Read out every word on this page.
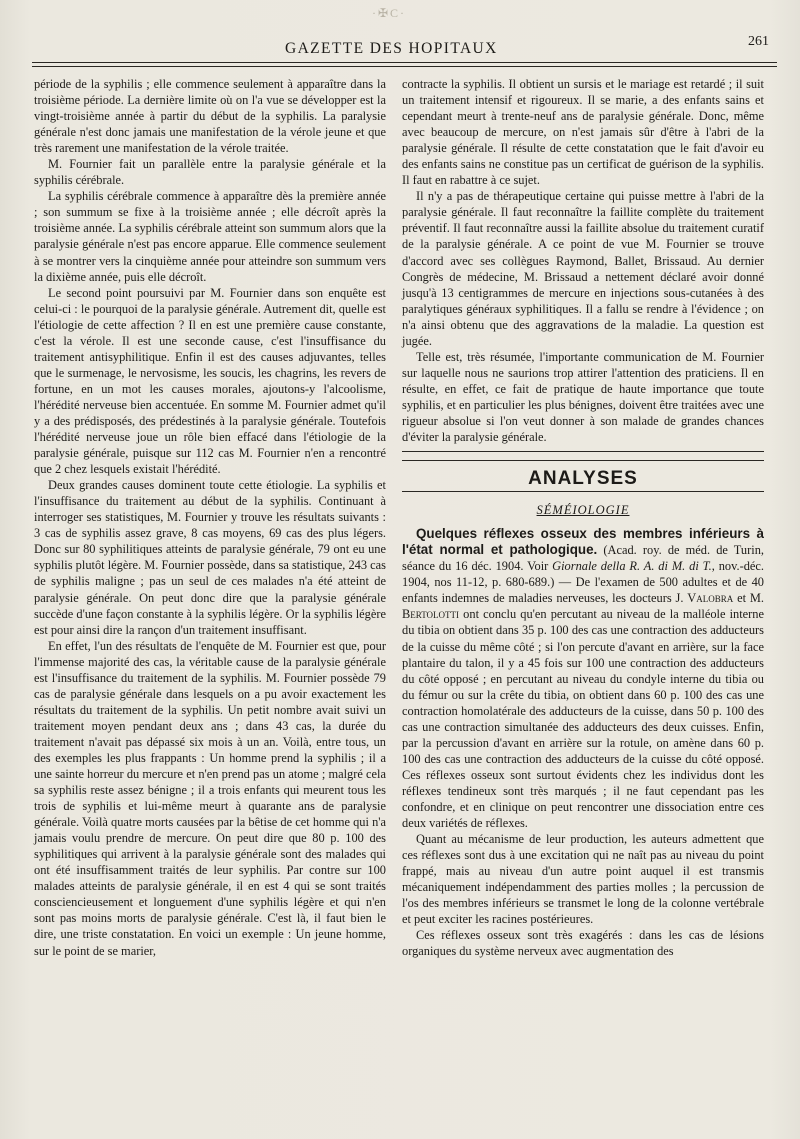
·✠C·
GAZETTE DES HOPITAUX	261

période de la syphilis ; elle commence seulement à apparaître dans la troisième période. La dernière limite où on l'a vue se développer est la vingt-troisième année à partir du début de la syphilis. La paralysie générale n'est donc jamais une manifestation de la vérole jeune et que très rarement une manifestation de la vérole traitée.

M. Fournier fait un parallèle entre la paralysie générale et la syphilis cérébrale.

La syphilis cérébrale commence à apparaître dès la première année ; son summum se fixe à la troisième année ; elle décroît après la troisième année. La syphilis cérébrale atteint son summum alors que la paralysie générale n'est pas encore apparue. Elle commence seulement à se montrer vers la cinquième année pour atteindre son summum vers la dixième année, puis elle décroît.

Le second point poursuivi par M. Fournier dans son enquête est celui-ci : le pourquoi de la paralysie générale. Autrement dit, quelle est l'étiologie de cette affection ? Il en est une première cause constante, c'est la vérole. Il est une seconde cause, c'est l'insuffisance du traitement antisyphilitique. Enfin il est des causes adjuvantes, telles que le surmenage, le nervosisme, les soucis, les chagrins, les revers de fortune, en un mot les causes morales, ajoutons-y l'alcoolisme, l'hérédité nerveuse bien accentuée. En somme M. Fournier admet qu'il y a des prédisposés, des prédestinés à la paralysie générale. Toutefois l'hérédité nerveuse joue un rôle bien effacé dans l'étiologie de la paralysie générale, puisque sur 112 cas M. Fournier n'en a rencontré que 2 chez lesquels existait l'hérédité.

Deux grandes causes dominent toute cette étiologie. La syphilis et l'insuffisance du traitement au début de la syphilis. Continuant à interroger ses statistiques, M. Fournier y trouve les résultats suivants : 3 cas de syphilis assez grave, 8 cas moyens, 69 cas des plus légers. Donc sur 80 syphilitiques atteints de paralysie générale, 79 ont eu une syphilis plutôt légère. M. Fournier possède, dans sa statistique, 243 cas de syphilis maligne ; pas un seul de ces malades n'a été atteint de paralysie générale. On peut donc dire que la paralysie générale succède d'une façon constante à la syphilis légère. Or la syphilis légère est pour ainsi dire la rançon d'un traitement insuffisant.

En effet, l'un des résultats de l'enquête de M. Fournier est que, pour l'immense majorité des cas, la véritable cause de la paralysie générale est l'insuffisance du traitement de la syphilis. M. Fournier possède 79 cas de paralysie générale dans lesquels on a pu avoir exactement les résultats du traitement de la syphilis. Un petit nombre avait suivi un traitement moyen pendant deux ans ; dans 43 cas, la durée du traitement n'avait pas dépassé six mois à un an. Voilà, entre tous, un des exemples les plus frappants : Un homme prend la syphilis ; il a une sainte horreur du mercure et n'en prend pas un atome ; malgré cela sa syphilis reste assez bénigne ; il a trois enfants qui meurent tous les trois de syphilis et lui-même meurt à quarante ans de paralysie générale. Voilà quatre morts causées par la bêtise de cet homme qui n'a jamais voulu prendre de mercure. On peut dire que 80 p. 100 des syphilitiques qui arrivent à la paralysie générale sont des malades qui ont été insuffisamment traités de leur syphilis. Par contre sur 100 malades atteints de paralysie générale, il en est 4 qui se sont traités consciencieusement et longuement d'une syphilis légère et qui n'en sont pas moins morts de paralysie générale. C'est là, il faut bien le dire, une triste constatation. En voici un exemple : Un jeune homme, sur le point de se marier,

contracte la syphilis. Il obtient un sursis et le mariage est retardé ; il suit un traitement intensif et rigoureux. Il se marie, a des enfants sains et cependant meurt à trente-neuf ans de paralysie générale. Donc, même avec beaucoup de mercure, on n'est jamais sûr d'être à l'abri de la paralysie générale. Il résulte de cette constatation que le fait d'avoir eu des enfants sains ne constitue pas un certificat de guérison de la syphilis. Il faut en rabattre à ce sujet.

Il n'y a pas de thérapeutique certaine qui puisse mettre à l'abri de la paralysie générale. Il faut reconnaître la faillite complète du traitement préventif. Il faut reconnaître aussi la faillite absolue du traitement curatif de la paralysie générale. A ce point de vue M. Fournier se trouve d'accord avec ses collègues Raymond, Ballet, Brissaud. Au dernier Congrès de médecine, M. Brissaud a nettement déclaré avoir donné jusqu'à 13 centigrammes de mercure en injections sous-cutanées à des paralytiques généraux syphilitiques. Il a fallu se rendre à l'évidence ; on n'a ainsi obtenu que des aggravations de la maladie. La question est jugée.

Telle est, très résumée, l'importante communication de M. Fournier sur laquelle nous ne saurions trop attirer l'attention des praticiens. Il en résulte, en effet, ce fait de pratique de haute importance que toute syphilis, et en particulier les plus bénignes, doivent être traitées avec une rigueur absolue si l'on veut donner à son malade de grandes chances d'éviter la paralysie générale.

ANALYSES
SÉMÉIOLOGIE

Quelques réflexes osseux des membres inférieurs à l'état normal et pathologique. (Acad. roy. de méd. de Turin, séance du 16 déc. 1904. Voir Giornale della R. A. di M. di T., nov.-déc. 1904, nos 11-12, p. 680-689.) — De l'examen de 500 adultes et de 40 enfants indemnes de maladies nerveuses, les docteurs J. Valobra et M. Bertolotti ont conclu qu'en percutant au niveau de la malléole interne du tibia on obtient dans 35 p. 100 des cas une contraction des adducteurs de la cuisse du même côté ; si l'on percute d'avant en arrière, sur la face plantaire du talon, il y a 45 fois sur 100 une contraction des adducteurs du côté opposé ; en percutant au niveau du condyle interne du tibia ou du fémur ou sur la crête du tibia, on obtient dans 60 p. 100 des cas une contraction homolatérale des adducteurs de la cuisse, dans 50 p. 100 des cas une contraction simultanée des adducteurs des deux cuisses. Enfin, par la percussion d'avant en arrière sur la rotule, on amène dans 60 p. 100 des cas une contraction des adducteurs de la cuisse du côté opposé. Ces réflexes osseux sont surtout évidents chez les individus dont les réflexes tendineux sont très marqués ; il ne faut cependant pas les confondre, et en clinique on peut rencontrer une dissociation entre ces deux variétés de réflexes.

Quant au mécanisme de leur production, les auteurs admettent que ces réflexes sont dus à une excitation qui ne naît pas au niveau du point frappé, mais au niveau d'un autre point auquel il est transmis mécaniquement indépendamment des parties molles ; la percussion de l'os des membres inférieurs se transmet le long de la colonne vertébrale et peut exciter les racines postérieures.

Ces réflexes osseux sont très exagérés : dans les cas de lésions organiques du système nerveux avec augmentation des
